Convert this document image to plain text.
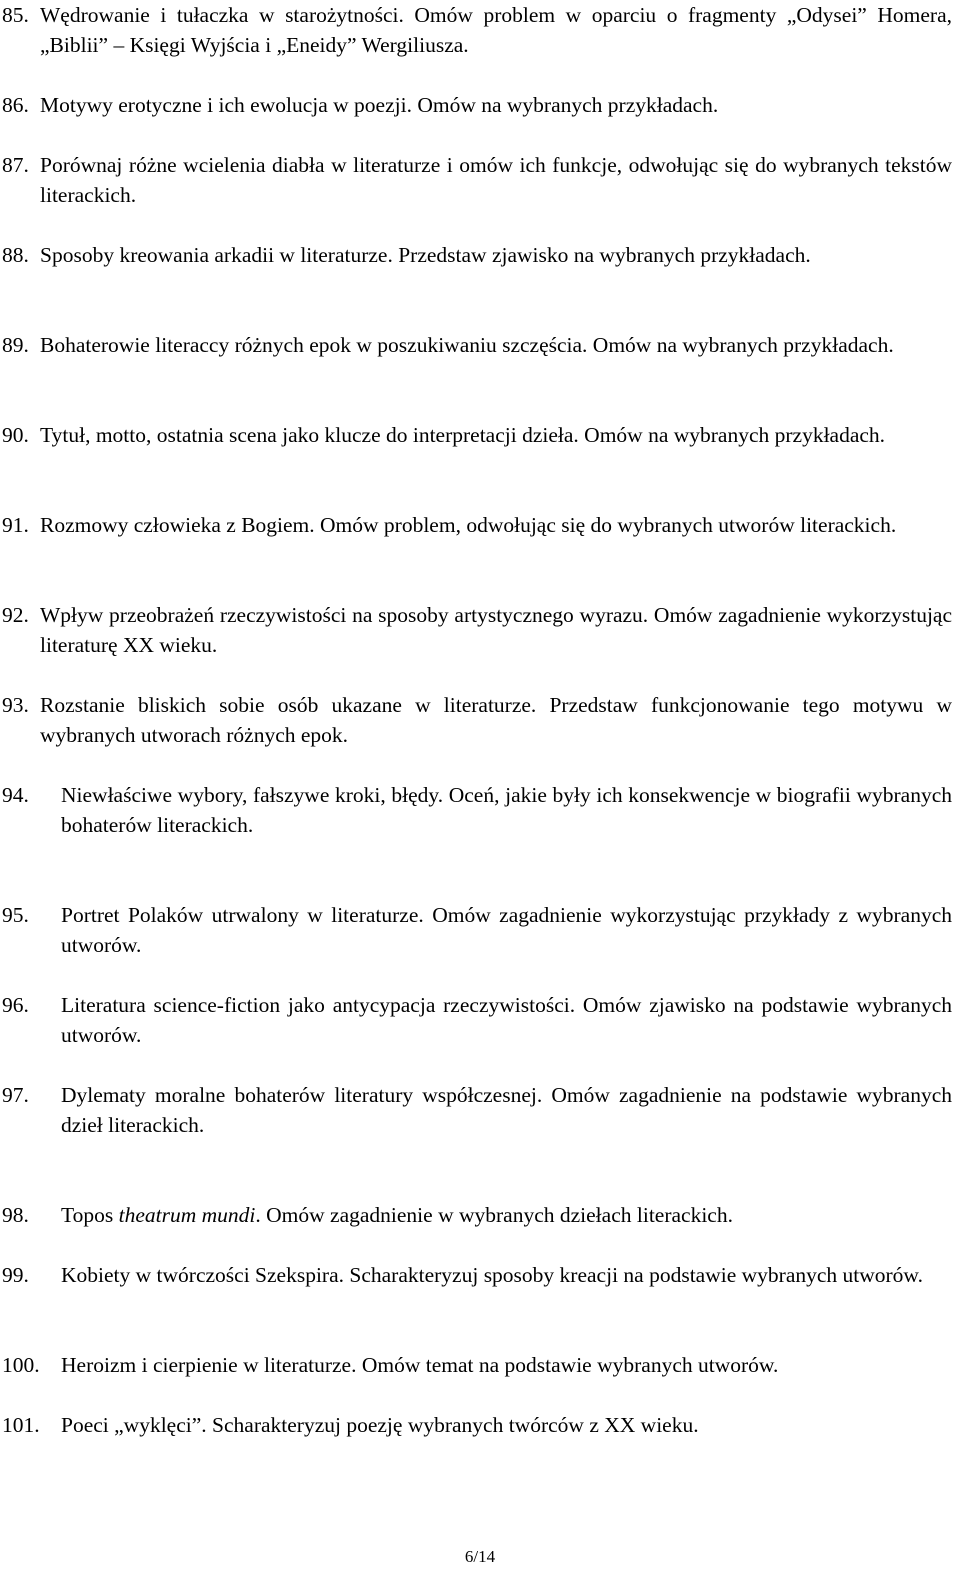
85. Wędrowanie i tułaczka w starożytności. Omów problem w oparciu o fragmenty „Odysei” Homera, „Biblii” – Księgi Wyjścia i „Eneidy” Wergiliusza.
86. Motywy erotyczne i ich ewolucja w poezji. Omów na wybranych przykładach.
87. Porównaj różne wcielenia diabła w literaturze i omów ich funkcje, odwołując się do wybranych tekstów literackich.
88. Sposoby kreowania arkadii w literaturze. Przedstaw zjawisko na wybranych przykładach.
89. Bohaterowie literaccy różnych epok w poszukiwaniu szczęścia. Omów na wybranych przykładach.
90. Tytuł, motto, ostatnia scena jako klucze do interpretacji dzieła. Omów na wybranych przykładach.
91. Rozmowy człowieka z Bogiem. Omów problem, odwołując się do wybranych utworów literackich.
92. Wpływ przeobrażeń rzeczywistości na sposoby artystycznego wyrazu. Omów zagadnienie wykorzystując literaturę XX wieku.
93. Rozstanie bliskich sobie osób ukazane w literaturze. Przedstaw funkcjonowanie tego motywu w wybranych utworach różnych epok.
94. Niewłaściwe wybory, fałszywe kroki, błędy. Oceń, jakie były ich konsekwencje w biografii wybranych bohaterów literackich.
95. Portret Polaków utrwalony w literaturze. Omów zagadnienie wykorzystując przykłady z wybranych utworów.
96. Literatura science-fiction jako antycypacja rzeczywistości. Omów zjawisko na podstawie wybranych utworów.
97. Dylematy moralne bohaterów literatury współczesnej. Omów zagadnienie na podstawie wybranych dzieł literackich.
98. Topos theatrum mundi. Omów zagadnienie w wybranych dziełach literackich.
99. Kobiety w twórczości Szekspira. Scharakteryzuj sposoby kreacji na podstawie wybranych utworów.
100. Heroizm i cierpienie w literaturze. Omów temat na podstawie wybranych utworów.
101. Poeci „wyklęci”. Scharakteryzuj poezję wybranych twórców z XX wieku.
6/14
